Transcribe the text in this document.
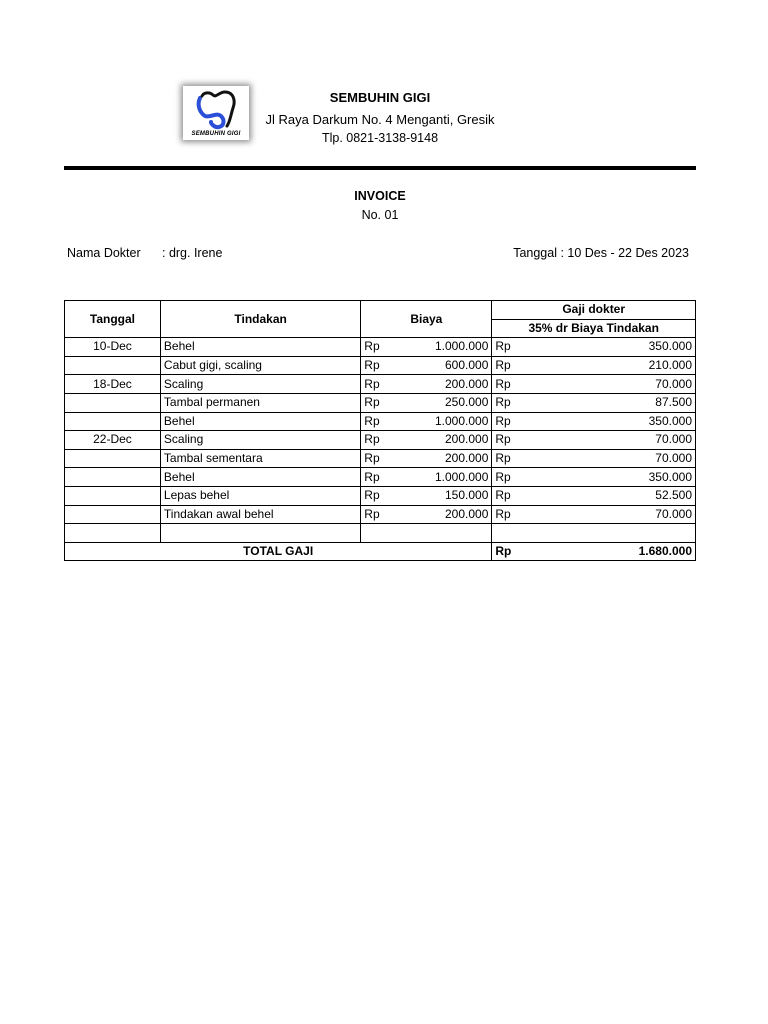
SEMBUHIN GIGI
SEMBUHIN GIGI
Jl Raya Darkum No. 4 Menganti, Gresik
Tlp. 0821-3138-9148
INVOICE
No. 01
Nama Dokter : drg. Irene	Tanggal : 10 Des - 22 Des 2023
Tanggal	Tindakan	Biaya		Gaji dokter	
				35% dr Biaya Tindakan	
10-Dec	Behel	Rp	1.000.000	Rp	350.000
	Cabut gigi, scaling	Rp	600.000	Rp	210.000
18-Dec	Scaling	Rp	200.000	Rp	70.000
	Tambal permanen	Rp	250.000	Rp	87.500
	Behel	Rp	1.000.000	Rp	350.000
22-Dec	Scaling	Rp	200.000	Rp	70.000
	Tambal sementara	Rp	200.000	Rp	70.000
	Behel	Rp	1.000.000	Rp	350.000
	Lepas behel	Rp	150.000	Rp	52.500
	Tindakan awal behel	Rp	200.000	Rp	70.000

TOTAL GAJI				Rp	1.680.000
